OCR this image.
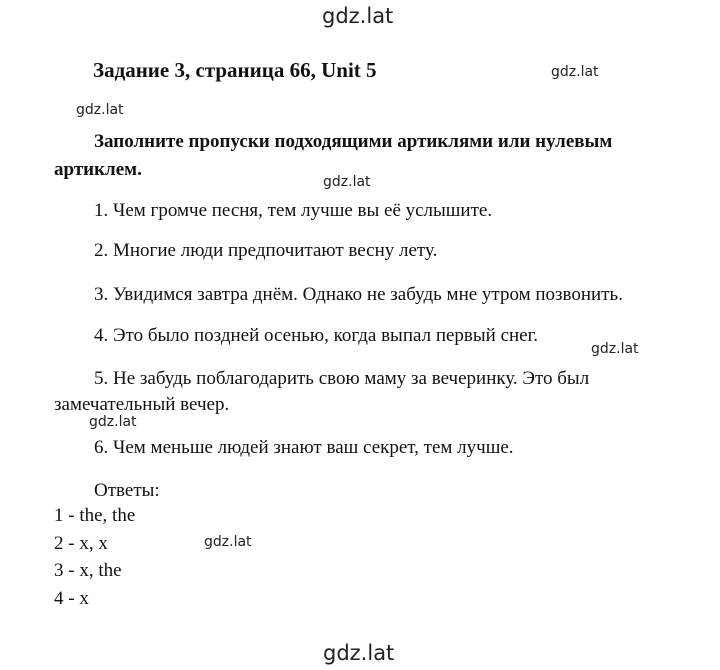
gdz.lat
gdz.lat
gdz.lat
gdz.lat
gdz.lat
gdz.lat
gdz.lat
gdz.lat
Задание 3, страница 66, Unit 5
Заполните пропуски подходящими артиклями или нулевым артиклем.
1. Чем громче песня, тем лучше вы её услышите.
2. Многие люди предпочитают весну лету.
3. Увидимся завтра днём. Однако не забудь мне утром позвонить.
4. Это было поздней осенью, когда выпал первый снег.
5. Не забудь поблагодарить свою маму за вечеринку. Это был замечательный вечер.
6. Чем меньше людей знают ваш секрет, тем лучше.
Ответы:
1 - the, the
2 - x, x
3 - x, the
4 - x
